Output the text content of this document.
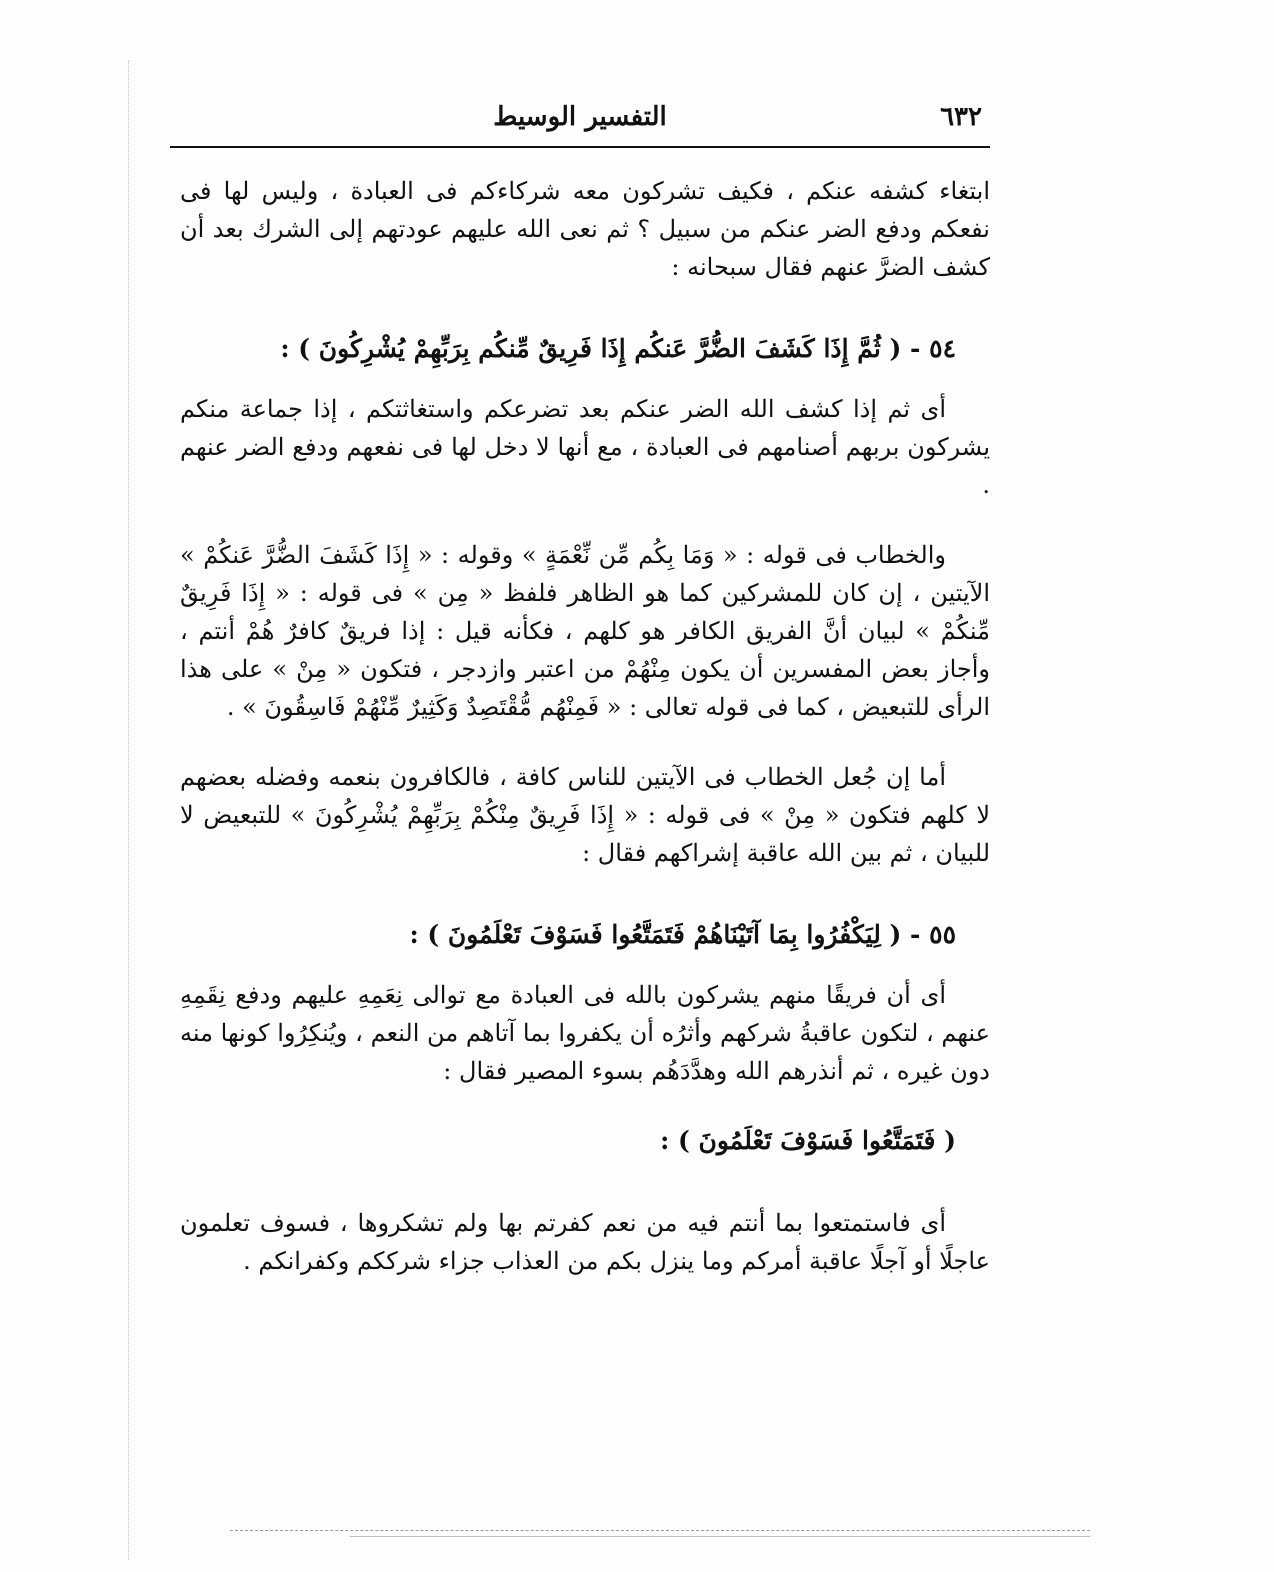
٦٣٢
التفسير الوسيط

ابتغاء كشفه عنكم ، فكيف تشركون معه شركاءكم فى العبادة ، وليس لها فى نفعكم ودفع الضر عنكم من سبيل ؟ ثم نعى الله عليهم عودتهم إلى الشرك بعد أن كشف الضرَّ عنهم فقال سبحانه :

٥٤ - ( ثُمَّ إِذَا كَشَفَ الضُّرَّ عَنكُم إِذَا فَرِيقٌ مِّنكُم بِرَبِّهِمْ يُشْرِكُونَ ) :

أى ثم إذا كشف الله الضر عنكم بعد تضرعكم واستغاثتكم ، إذا جماعة منكم يشركون بربهم أصنامهم فى العبادة ، مع أنها لا دخل لها فى نفعهم ودفع الضر عنهم .

والخطاب فى قوله : « وَمَا بِكُم مِّن نِّعْمَةٍ » وقوله : « إِذَا كَشَفَ الضُّرَّ عَنكُمْ » الآيتين ، إن كان للمشركين كما هو الظاهر فلفظ « مِن » فى قوله : « إِذَا فَرِيقٌ مِّنكُمْ » لبيان أنَّ الفريق الكافر هو كلهم ، فكأنه قيل : إذا فريقٌ كافرٌ هُمْ أنتم ، وأجاز بعض المفسرين أن يكون مِنْهُمْ من اعتبر وازدجر ، فتكون « مِنْ » على هذا الرأى للتبعيض ، كما فى قوله تعالى : « فَمِنْهُم مُّقْتَصِدٌ وَكَثِيرٌ مِّنْهُمْ فَاسِقُونَ » .

أما إن جُعل الخطاب فى الآيتين للناس كافة ، فالكافرون بنعمه وفضله بعضهم لا كلهم فتكون « مِنْ » فى قوله : « إِذَا فَرِيقٌ مِنْكُمْ بِرَبِّهِمْ يُشْرِكُونَ » للتبعيض لا للبيان ، ثم بين الله عاقبة إشراكهم فقال :

٥٥ - ( لِيَكْفُرُوا بِمَا آتَيْنَاهُمْ فَتَمَتَّعُوا فَسَوْفَ تَعْلَمُونَ ) :

أى أن فريقًا منهم يشركون بالله فى العبادة مع توالى نِعَمِهِ عليهم ودفع نِقَمِهِ عنهم ، لتكون عاقبةُ شركهم وأثرُه أن يكفروا بما آتاهم من النعم ، ويُنكِرُوا كونها منه دون غيره ، ثم أنذرهم الله وهدَّدَهُم بسوء المصير فقال :

( فَتَمَتَّعُوا فَسَوْفَ تَعْلَمُونَ ) :

أى فاستمتعوا بما أنتم فيه من نعم كفرتم بها ولم تشكروها ، فسوف تعلمون عاجلًا أو آجلًا عاقبة أمركم وما ينزل بكم من العذاب جزاء شرككم وكفرانكم .
